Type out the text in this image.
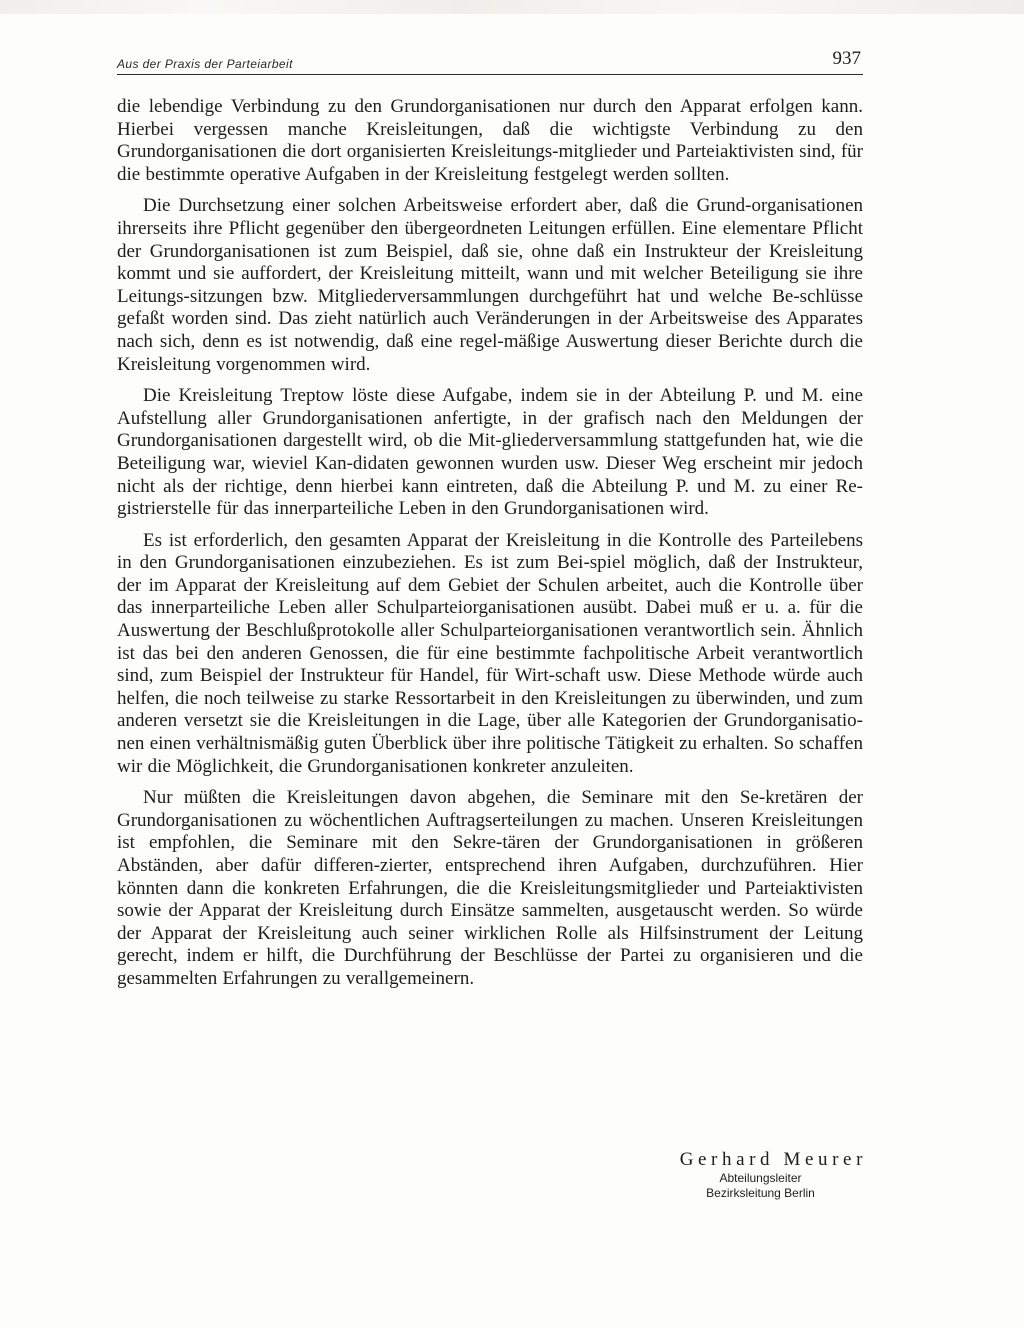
Aus der Praxis der Parteiarbeit	937

die lebendige Verbindung zu den Grundorganisationen nur durch den Apparat erfolgen kann. Hierbei vergessen manche Kreisleitungen, daß die wichtigste Verbindung zu den Grundorganisationen die dort organisierten Kreisleitungs-mitglieder und Parteiaktivisten sind, für die bestimmte operative Aufgaben in der Kreisleitung festgelegt werden sollten.

Die Durchsetzung einer solchen Arbeitsweise erfordert aber, daß die Grund-organisationen ihrerseits ihre Pflicht gegenüber den übergeordneten Leitungen erfüllen. Eine elementare Pflicht der Grundorganisationen ist zum Beispiel, daß sie, ohne daß ein Instrukteur der Kreisleitung kommt und sie auffordert, der Kreisleitung mitteilt, wann und mit welcher Beteiligung sie ihre Leitungs-sitzungen bzw. Mitgliederversammlungen durchgeführt hat und welche Be-schlüsse gefaßt worden sind. Das zieht natürlich auch Veränderungen in der Arbeitsweise des Apparates nach sich, denn es ist notwendig, daß eine regel-mäßige Auswertung dieser Berichte durch die Kreisleitung vorgenommen wird.

Die Kreisleitung Treptow löste diese Aufgabe, indem sie in der Abteilung P. und M. eine Aufstellung aller Grundorganisationen anfertigte, in der grafisch nach den Meldungen der Grundorganisationen dargestellt wird, ob die Mit-gliederversammlung stattgefunden hat, wie die Beteiligung war, wieviel Kan-didaten gewonnen wurden usw. Dieser Weg erscheint mir jedoch nicht als der richtige, denn hierbei kann eintreten, daß die Abteilung P. und M. zu einer Re-gistrierstelle für das innerparteiliche Leben in den Grundorganisationen wird.

Es ist erforderlich, den gesamten Apparat der Kreisleitung in die Kontrolle des Parteilebens in den Grundorganisationen einzubeziehen. Es ist zum Bei-spiel möglich, daß der Instrukteur, der im Apparat der Kreisleitung auf dem Gebiet der Schulen arbeitet, auch die Kontrolle über das innerparteiliche Leben aller Schulparteiorganisationen ausübt. Dabei muß er u. a. für die Auswertung der Beschlußprotokolle aller Schulparteiorganisationen verantwortlich sein. Ähnlich ist das bei den anderen Genossen, die für eine bestimmte fachpolitische Arbeit verantwortlich sind, zum Beispiel der Instrukteur für Handel, für Wirt-schaft usw. Diese Methode würde auch helfen, die noch teilweise zu starke Ressortarbeit in den Kreisleitungen zu überwinden, und zum anderen versetzt sie die Kreisleitungen in die Lage, über alle Kategorien der Grundorganisatio-nen einen verhältnismäßig guten Überblick über ihre politische Tätigkeit zu erhalten. So schaffen wir die Möglichkeit, die Grundorganisationen konkreter anzuleiten.

Nur müßten die Kreisleitungen davon abgehen, die Seminare mit den Se-kretären der Grundorganisationen zu wöchentlichen Auftragserteilungen zu machen. Unseren Kreisleitungen ist empfohlen, die Seminare mit den Sekre-tären der Grundorganisationen in größeren Abständen, aber dafür differen-zierter, entsprechend ihren Aufgaben, durchzuführen. Hier könnten dann die konkreten Erfahrungen, die die Kreisleitungsmitglieder und Parteiaktivisten sowie der Apparat der Kreisleitung durch Einsätze sammelten, ausgetauscht werden. So würde der Apparat der Kreisleitung auch seiner wirklichen Rolle als Hilfsinstrument der Leitung gerecht, indem er hilft, die Durchführung der Beschlüsse der Partei zu organisieren und die gesammelten Erfahrungen zu verallgemeinern.

Gerhard Meurer
Abteilungsleiter
Bezirksleitung Berlin
